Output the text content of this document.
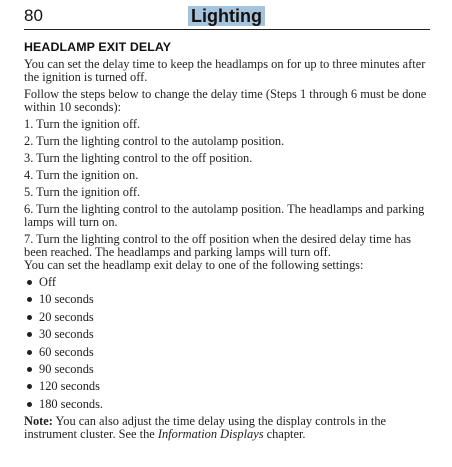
80	Lighting
HEADLAMP EXIT DELAY

You can set the delay time to keep the headlamps on for up to three minutes after the ignition is turned off.

Follow the steps below to change the delay time (Steps 1 through 6 must be done within 10 seconds):

1. Turn the ignition off.

2. Turn the lighting control to the autolamp position.

3. Turn the lighting control to the off position.

4. Turn the ignition on.

5. Turn the ignition off.

6. Turn the lighting control to the autolamp position. The headlamps and parking lamps will turn on.

7. Turn the lighting control to the off position when the desired delay time has been reached. The headlamps and parking lamps will turn off.

You can set the headlamp exit delay to one of the following settings:

Off
10 seconds
20 seconds
30 seconds
60 seconds
90 seconds
120 seconds
180 seconds.

Note: You can also adjust the time delay using the display controls in the instrument cluster. See the Information Displays chapter.
